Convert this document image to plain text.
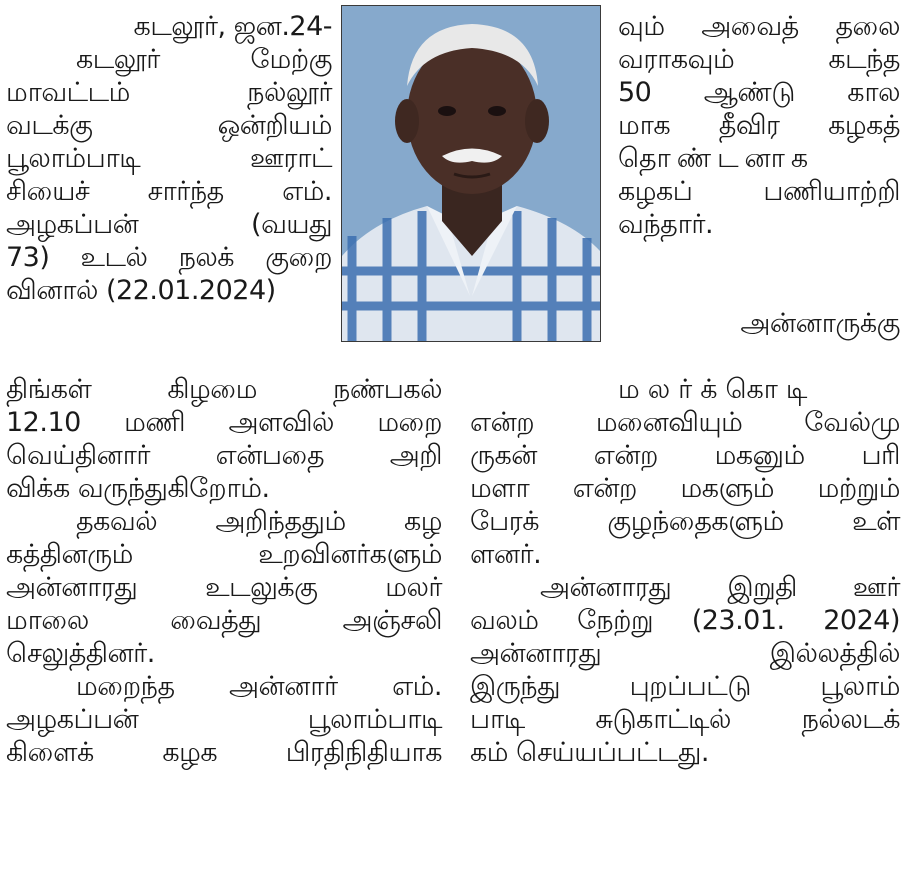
கடலூர், ஜன.24-
கடலூர் மேற்கு
மாவட்டம் நல்லூர்
வடக்கு ஒன்றியம்
பூலாம்பாடி ஊராட்
சியைச் சார்ந்த எம்.
அழகப்பன் (வயது
73) உடல் நலக் குறை
வினால் (22.01.2024)
வும் அவைத் தலை
வராகவும் கடந்த
50 ஆண்டு கால
மாக தீவிர கழகத்
தொண்டனாக
கழகப் பணியாற்றி
வந்தார்.
அன்னாருக்கு
திங்கள் கிழமை நண்பகல்
12.10 மணி அளவில் மறை
வெய்தினார் என்பதை அறி
விக்க வருந்துகிறோம்.
தகவல் அறிந்ததும் கழ
கத்தினரும் உறவினர்களும்
அன்னாரது உடலுக்கு மலர்
மாலை வைத்து அஞ்சலி
செலுத்தினர்.
மறைந்த அன்னார் எம்.
அழகப்பன் பூலாம்பாடி
கிளைக் கழக பிரதிநிதியாக
மலர்க்கொடி
என்ற மனைவியும் வேல்மு
ருகன் என்ற மகனும் பரி
மளா என்ற மகளும் மற்றும்
பேரக் குழந்தைகளும் உள்
ளனர்.
அன்னாரது இறுதி ஊர்
வலம் நேற்று (23.01. 2024)
அன்னாரது இல்லத்தில்
இருந்து புறப்பட்டு பூலாம்
பாடி சுடுகாட்டில் நல்லடக்
கம் செய்யப்பட்டது.
